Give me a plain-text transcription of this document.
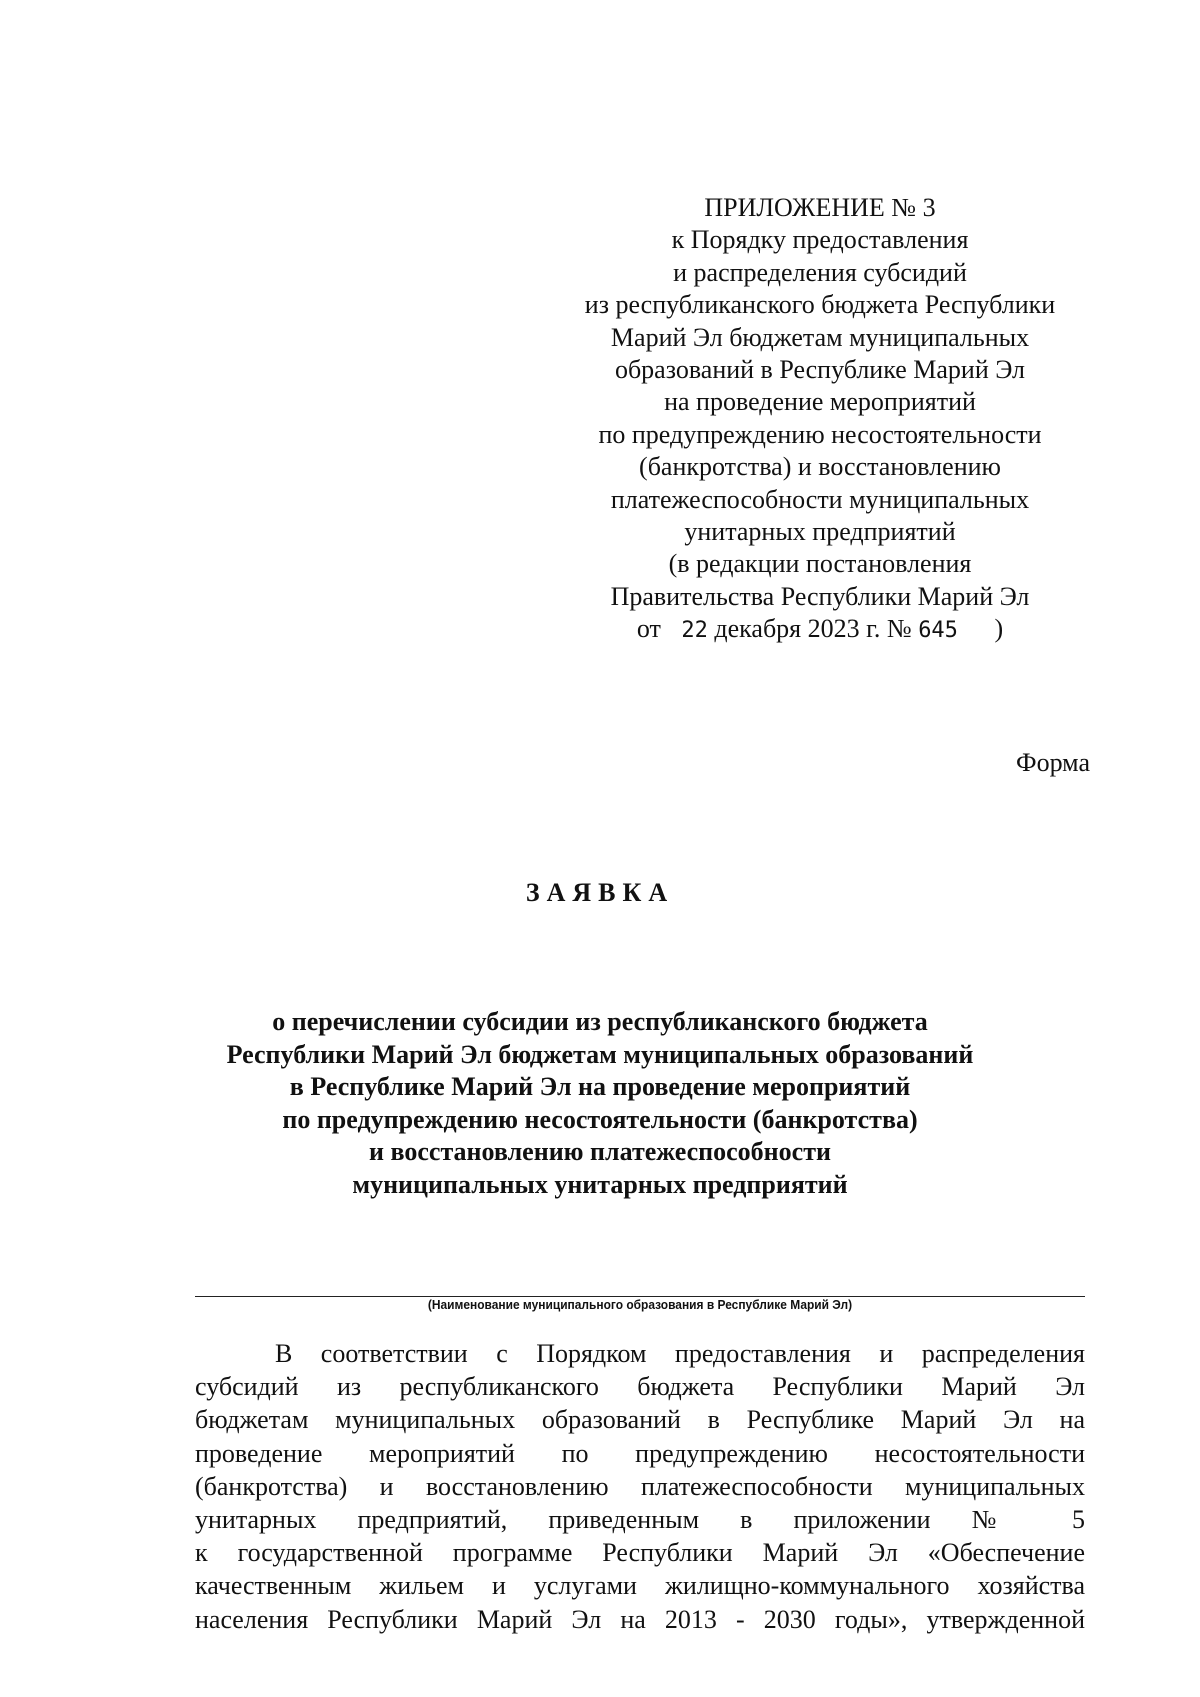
ПРИЛОЖЕНИЕ № 3
к Порядку предоставления
и распределения субсидий
из республиканского бюджета Республики
Марий Эл бюджетам муниципальных
образований в Республике Марий Эл
на проведение мероприятий
по предупреждению несостоятельности
(банкротства) и восстановлению
платежеспособности муниципальных
унитарных предприятий
(в редакции постановления
Правительства Республики Марий Эл
от 22 декабря 2023 г. № 645 )
Форма
ЗАЯВКА
о перечислении субсидии из республиканского бюджета
Республики Марий Эл бюджетам муниципальных образований
в Республике Марий Эл на проведение мероприятий
по предупреждению несостоятельности (банкротства)
и восстановлению платежеспособности
муниципальных унитарных предприятий
(Наименование муниципального образования в Республике Марий Эл)
В соответствии с Порядком предоставления и распределения
субсидий из республиканского бюджета Республики Марий Эл
бюджетам муниципальных образований в Республике Марий Эл на
проведение мероприятий по предупреждению несостоятельности
(банкротства) и восстановлению платежеспособности муниципальных
унитарных предприятий, приведенным в приложении № 5
к государственной программе Республики Марий Эл «Обеспечение
качественным жильем и услугами жилищно-коммунального хозяйства
населения Республики Марий Эл на 2013 - 2030 годы», утвержденной
